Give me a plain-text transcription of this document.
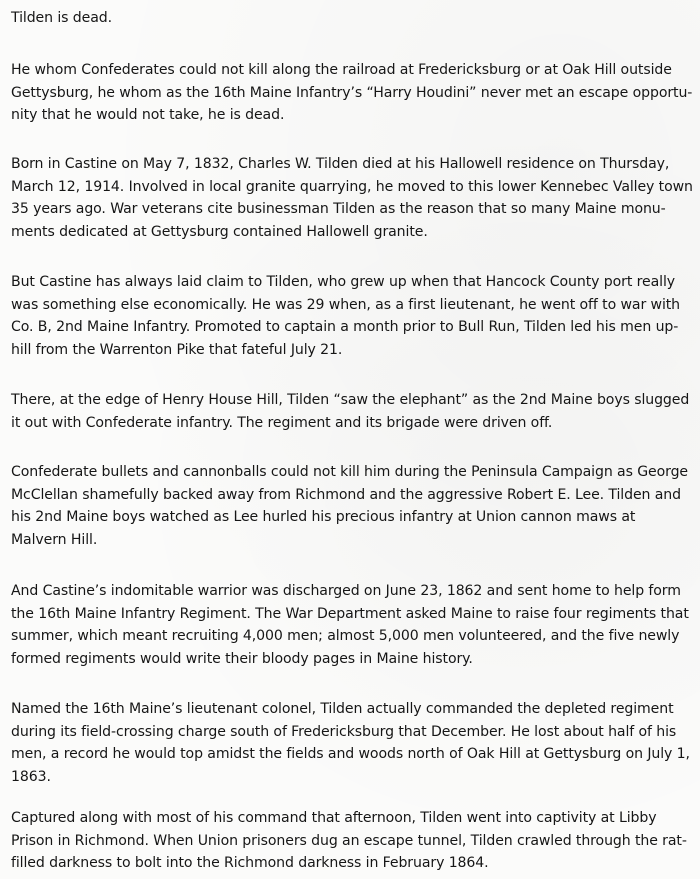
Tilden is dead.

He whom Confederates could not kill along the railroad at Fredericksburg or at Oak Hill outside
Gettysburg, he whom as the 16th Maine Infantry’s “Harry Houdini” never met an escape opportu-
nity that he would not take, he is dead.

Born in Castine on May 7, 1832, Charles W. Tilden died at his Hallowell residence on Thursday,
March 12, 1914. Involved in local granite quarrying, he moved to this lower Kennebec Valley town
35 years ago. War veterans cite businessman Tilden as the reason that so many Maine monu-
ments dedicated at Gettysburg contained Hallowell granite.

But Castine has always laid claim to Tilden, who grew up when that Hancock County port really
was something else economically. He was 29 when, as a first lieutenant, he went off to war with
Co. B, 2nd Maine Infantry. Promoted to captain a month prior to Bull Run, Tilden led his men up-
hill from the Warrenton Pike that fateful July 21.

There, at the edge of Henry House Hill, Tilden “saw the elephant” as the 2nd Maine boys slugged
it out with Confederate infantry. The regiment and its brigade were driven off.

Confederate bullets and cannonballs could not kill him during the Peninsula Campaign as George
McClellan shamefully backed away from Richmond and the aggressive Robert E. Lee. Tilden and
his 2nd Maine boys watched as Lee hurled his precious infantry at Union cannon maws at
Malvern Hill.

And Castine’s indomitable warrior was discharged on June 23, 1862 and sent home to help form
the 16th Maine Infantry Regiment. The War Department asked Maine to raise four regiments that
summer, which meant recruiting 4,000 men; almost 5,000 men volunteered, and the five newly
formed regiments would write their bloody pages in Maine history.

Named the 16th Maine’s lieutenant colonel, Tilden actually commanded the depleted regiment
during its field-crossing charge south of Fredericksburg that December. He lost about half of his
men, a record he would top amidst the fields and woods north of Oak Hill at Gettysburg on July 1,
1863.

Captured along with most of his command that afternoon, Tilden went into captivity at Libby
Prison in Richmond. When Union prisoners dug an escape tunnel, Tilden crawled through the rat-
filled darkness to bolt into the Richmond darkness in February 1864.
